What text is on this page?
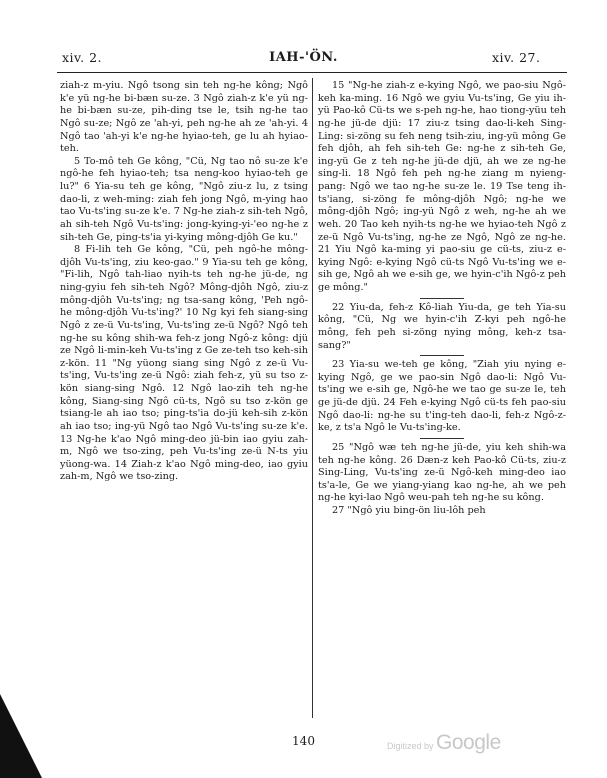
xiv. 2.	IAH-'ÖN.	xiv. 27.

ziah-z m-yiu. Ngô tsong sin teh ng-he kông; Ngô k'e yü ng-he bi-bæn su-ze. 3 Ngô ziah-z k'e yü ng-he bi-bæn su-ze, pih-ding tse le, tsih ng-he tao Ngô su-ze; Ngô ze 'ah-yi, peh ng-he ah ze 'ah-yi. 4 Ngô tao 'ah-yi k'e ng-he hyiao-teh, ge lu ah hyiao-teh.

5 To-mô teh Ge kông, "Cü, Ng tao nô su-ze k'e ngô-he feh hyiao-teh; tsa neng-koo hyiao-teh ge lu?" 6 Yia-su teh ge kông, "Ngô ziu-z lu, z tsing dao-li, z weh-ming: ziah feh jong Ngô, m-ying hao tao Vu-ts'ing su-ze k'e. 7 Ng-he ziah-z sih-teh Ngô, ah sih-teh Ngô Vu-ts'ing: jong-kying-yi-'eo ng-he z sih-teh Ge, ping-ts'ia yi-kying mông-djôh Ge ku."

8 Fi-lih teh Ge kông, "Cü, peh ngô-he mông-djôh Vu-ts'ing, ziu keo-gao." 9 Yia-su teh ge kông, "Fi-lih, Ngô tah-liao nyih-ts teh ng-he jü-de, ng ning-gyiu feh sih-teh Ngô? Mông-djôh Ngô, ziu-z mông-djôh Vu-ts'ing; ng tsa-sang kông, 'Peh ngô-he mông-djôh Vu-ts'ing?' 10 Ng kyi feh siang-sing Ngô z ze-ü Vu-ts'ing, Vu-ts'ing ze-ü Ngô? Ngô teh ng-he su kông shih-wa feh-z jong Ngô-z kông: djü ze Ngô li-min-keh Vu-ts'ing z Ge ze-teh tso keh-sih z-kön. 11 "Ng yüong siang sing Ngô z ze-ü Vu-ts'ing, Vu-ts'ing ze-ü Ngô: ziah feh-z, yü su tso z-kön siang-sing Ngô. 12 Ngô lao-zih teh ng-he kông, Siang-sing Ngô cü-ts, Ngô su tso z-kön ge tsiang-le ah iao tso; ping-ts'ia do-jü keh-sih z-kön ah iao tso; ing-yü Ngô tao Ngô Vu-ts'ing su-ze k'e. 13 Ng-he k'ao Ngô ming-deo jü-bin iao gyiu zah-m, Ngô we tso-zing, peh Vu-ts'ing ze-ü N-ts yiu yüong-wa. 14 Ziah-z k'ao Ngô ming-deo, iao gyiu zah-m, Ngô we tso-zing.

15 "Ng-he ziah-z e-kying Ngô, we pao-siu Ngô-keh ka-ming. 16 Ngô we gyiu Vu-ts'ing, Ge yiu ih-yü Pao-kô Cü-ts we s-peh ng-he, hao tiong-yüu teh ng-he jü-de djü: 17 ziu-z tsing dao-li-keh Sing-Ling: si-zöng su feh neng tsih-ziu, ing-yü mông Ge feh djôh, ah feh sih-teh Ge: ng-he z sih-teh Ge, ing-yü Ge z teh ng-he jü-de djü, ah we ze ng-he sing-li. 18 Ngô feh peh ng-he ziang m nyieng-pang: Ngô we tao ng-he su-ze le. 19 Tse teng ih-ts'iang, si-zöng fe mông-djôh Ngô; ng-he we mông-djôh Ngô; ing-yü Ngô z weh, ng-he ah we weh. 20 Tao keh nyih-ts ng-he we hyiao-teh Ngô z ze-ü Ngô Vu-ts'ing, ng-he ze Ngô, Ngô ze ng-he. 21 Yiu Ngô ka-ming yi pao-siu ge cü-ts, ziu-z e-kying Ngô: e-kying Ngô cü-ts Ngô Vu-ts'ing we e-sih ge, Ngô ah we e-sih ge, we hyin-c'ih Ngô-z peh ge mông."

22 Yiu-da, feh-z Kô-liah Yiu-da, ge teh Yia-su kông, "Cü, Ng we hyin-c'ih Z-kyi peh ngô-he mông, feh peh si-zöng nying mông, keh-z tsa-sang?"

23 Yia-su we-teh ge kông, "Ziah yiu nying e-kying Ngô, ge we pao-sin Ngô dao-li: Ngô Vu-ts'ing we e-sih ge, Ngô-he we tao ge su-ze le, teh ge jü-de djü. 24 Feh e-kying Ngô cü-ts feh pao-siu Ngô dao-li: ng-he su t'ing-teh dao-li, feh-z Ngô-z-ke, z ts'a Ngô le Vu-ts'ing-ke.

25 "Ngô wæ teh ng-he jü-de, yiu keh shih-wa teh ng-he kông. 26 Dæn-z keh Pao-kô Cü-ts, ziu-z Sing-Ling, Vu-ts'ing ze-ü Ngô-keh ming-deo iao ts'a-le, Ge we yiang-yiang kao ng-he, ah we peh ng-he kyi-lao Ngô weu-pah teh ng-he su kông.

27 "Ngô yiu bing-ön liu-lôh peh

140	Digitized by Google
